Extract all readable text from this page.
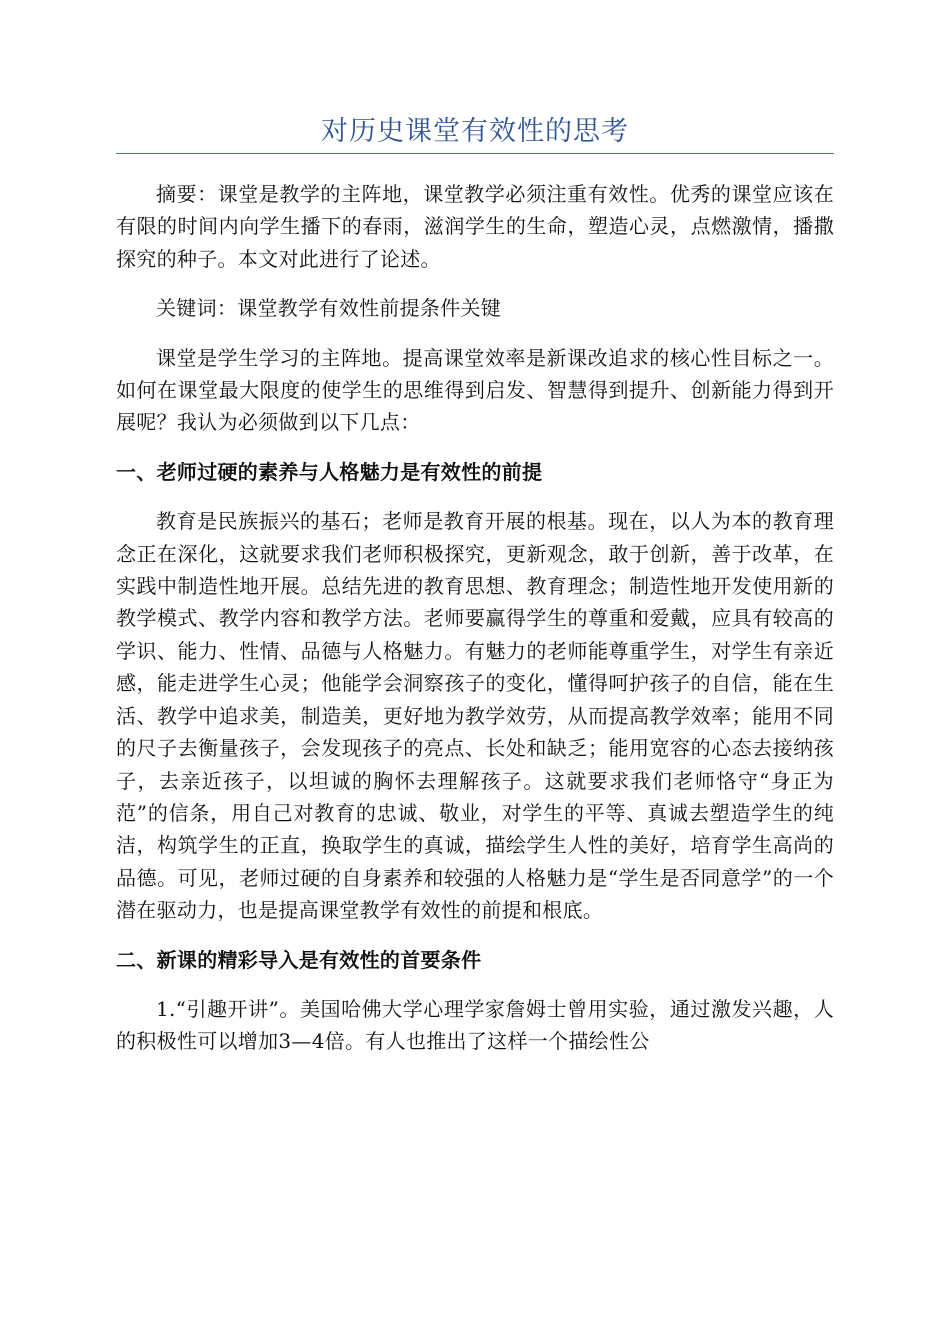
对历史课堂有效性的思考

摘要：课堂是教学的主阵地，课堂教学必须注重有效性。优秀的课堂应该在有限的时间内向学生播下的春雨，滋润学生的生命，塑造心灵，点燃激情，播撒探究的种子。本文对此进行了论述。

关键词：课堂教学有效性前提条件关键

课堂是学生学习的主阵地。提高课堂效率是新课改追求的核心性目标之一。如何在课堂最大限度的使学生的思维得到启发、智慧得到提升、创新能力得到开展呢？我认为必须做到以下几点：

一、老师过硬的素养与人格魅力是有效性的前提

教育是民族振兴的基石；老师是教育开展的根基。现在，以人为本的教育理念正在深化，这就要求我们老师积极探究，更新观念，敢于创新，善于改革，在实践中制造性地开展。总结先进的教育思想、教育理念；制造性地开发使用新的教学模式、教学内容和教学方法。老师要赢得学生的尊重和爱戴，应具有较高的学识、能力、性情、品德与人格魅力。有魅力的老师能尊重学生，对学生有亲近感，能走进学生心灵；他能学会洞察孩子的变化，懂得呵护孩子的自信，能在生活、教学中追求美，制造美，更好地为教学效劳，从而提高教学效率；能用不同的尺子去衡量孩子，会发现孩子的亮点、长处和缺乏；能用宽容的心态去接纳孩子，去亲近孩子，以坦诚的胸怀去理解孩子。这就要求我们老师恪守“身正为范”的信条，用自己对教育的忠诚、敬业，对学生的平等、真诚去塑造学生的纯洁，构筑学生的正直，换取学生的真诚，描绘学生人性的美好，培育学生高尚的品德。可见，老师过硬的自身素养和较强的人格魅力是“学生是否同意学”的一个潜在驱动力，也是提高课堂教学有效性的前提和根底。

二、新课的精彩导入是有效性的首要条件

1.“引趣开讲”。美国哈佛大学心理学家詹姆士曾用实验，通过激发兴趣，人的积极性可以增加3—4倍。有人也推出了这样一个描绘性公
